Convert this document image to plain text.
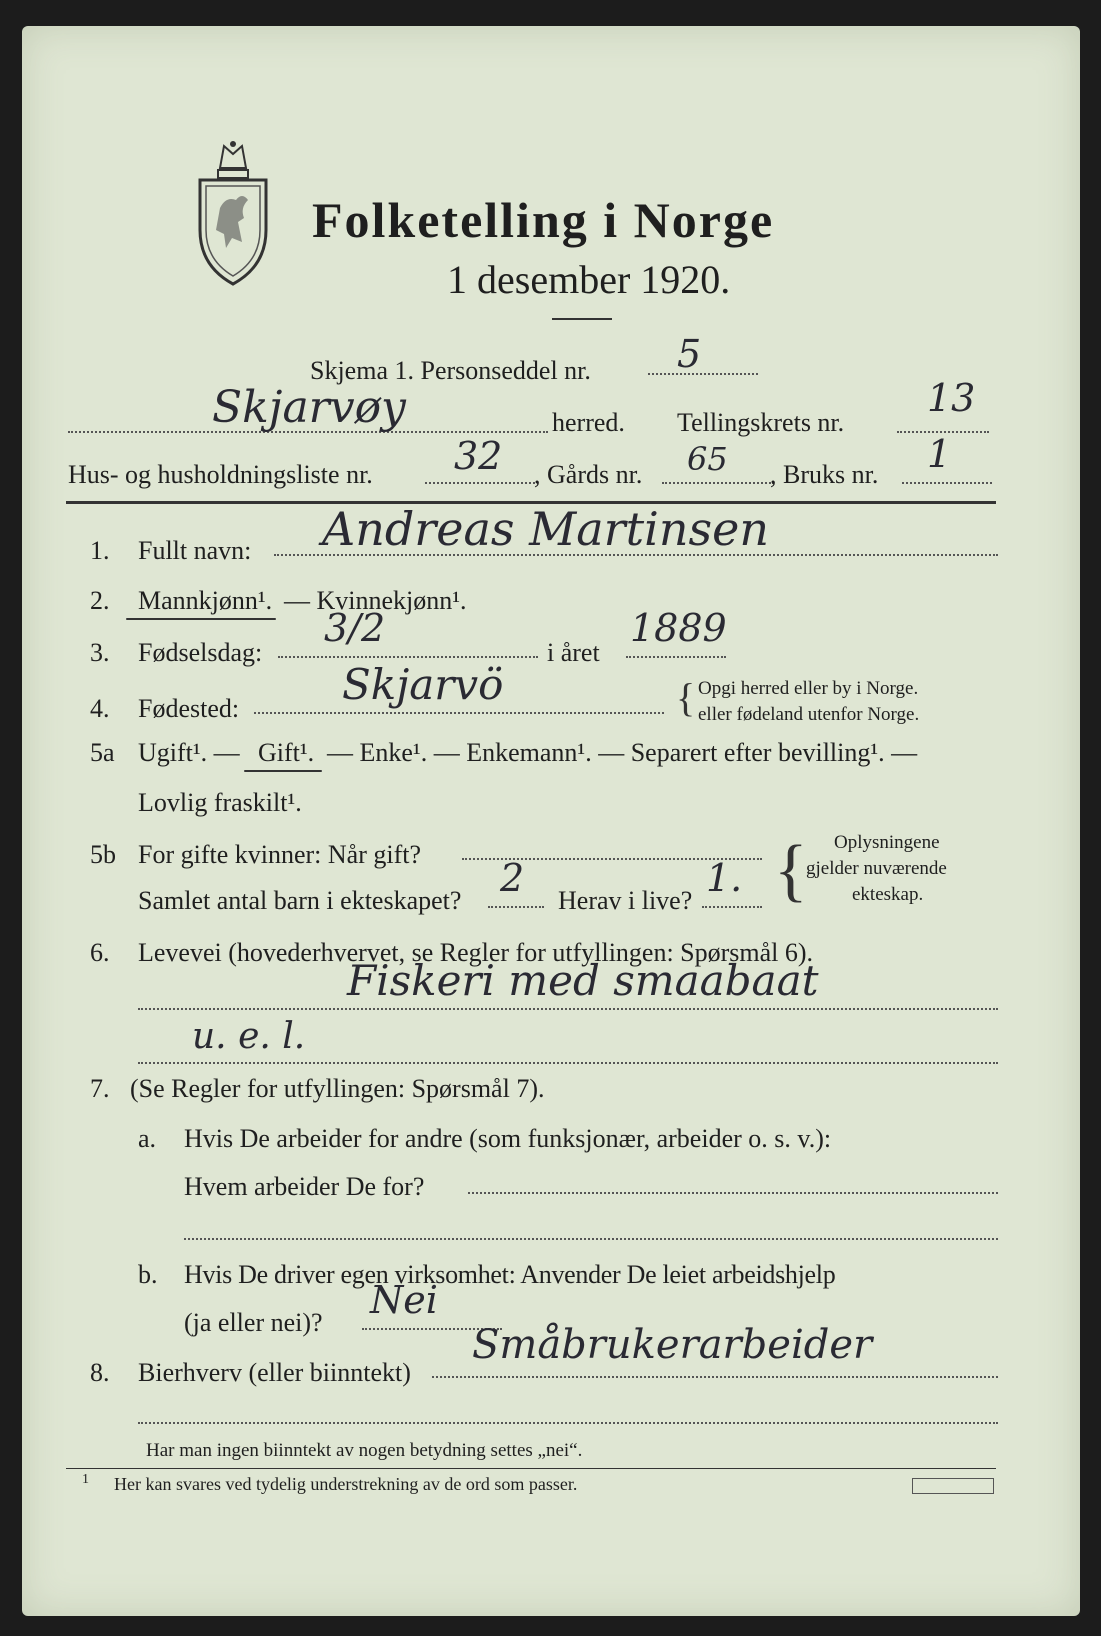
Folketelling i Norge
1 desember 1920.
Skjema 1. Personseddel nr. 5
Skjarvøy	herred. Tellingskrets nr.
13
Hus- og husholdningsliste nr. 32 , Gårds nr. 65 , Bruks nr. 1
1. Fullt navn: Andreas Martinsen
2. Mannkjønn¹. — Kvinnekjønn¹.
3. Fødselsdag:
3/2
i året
1889
4. Fødested: Skjarvö	{ Opgi herred eller by i Norge.
eller fødeland utenfor Norge.
5a Ugift¹. — Gift¹. — Enke¹. — Enkemann¹. — Separert efter bevilling¹. —
Lovlig fraskilt¹.
5b For gifte kvinner: Når gift?
Samlet antal barn i ekteskapet?
2
Herav i live?
1. { Oplysningene
gjelder nuværende
ekteskap.
6. Levevei (hovederhvervet, se Regler for utfyllingen: Spørsmål 6).
Fiskeri med smaabaat
u. e. l.
7. (Se Regler for utfyllingen: Spørsmål 7).
a. Hvis De arbeider for andre (som funksjonær, arbeider o. s. v.):
Hvem arbeider De for?
b. Hvis De driver egen virksomhet: Anvender De leiet arbeidshjelp
(ja eller nei)?
Nei
8. Bierhverv (eller biinntekt)
Småbrukerarbeider
Har man ingen biinntekt av nogen betydning settes „nei“.
1 Her kan svares ved tydelig understrekning av de ord som passer.
